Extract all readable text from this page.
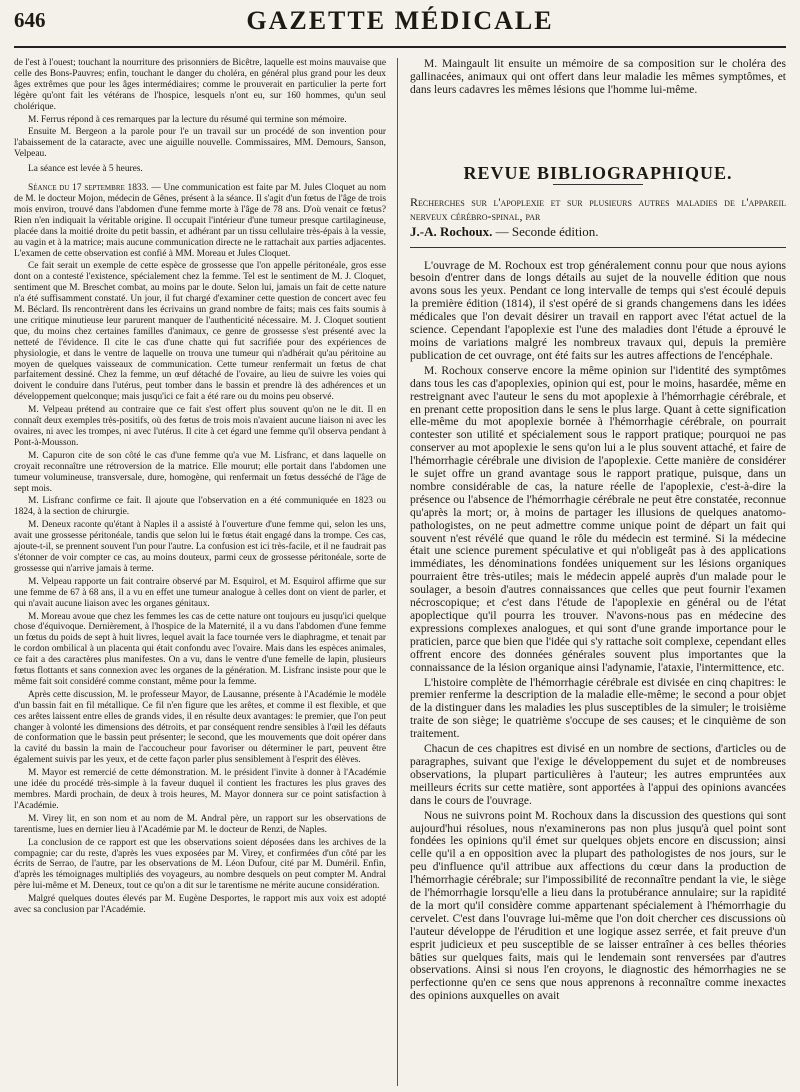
646	GAZETTE MÉDICALE

de l'est à l'ouest; touchant la nourriture des prisonniers de Bicêtre, laquelle est moins mauvaise que celle des Bons-Pauvres; enfin, touchant le danger du choléra, en général plus grand pour les deux âges extrêmes que pour les âges intermédiaires; comme le prouverait en particulier la perte fort légère qu'ont fait les vétérans de l'hospice, lesquels n'ont eu, sur 160 hommes, qu'un seul cholérique.

M. Ferrus répond à ces remarques par la lecture du résumé qui termine son mémoire.

Ensuite M. Bergeon a la parole pour l'e un travail sur un procédé de son invention pour l'abaissement de la cataracte, avec une aiguille nouvelle. Commissaires, MM. Demours, Sanson, Velpeau.

La séance est levée à 5 heures.

Séance du 17 septembre 1833. — Une communication est faite par M. Jules Cloquet au nom de M. le docteur Mojon, médecin de Gênes, présent à la séance. Il s'agit d'un fœtus de l'âge de trois mois environ, trouvé dans l'abdomen d'une femme morte à l'âge de 78 ans. D'où venait ce fœtus? Rien n'en indiquait la véritable origine. Il occupait l'intérieur d'une tumeur presque cartilagineuse, placée dans la moitié droite du petit bassin, et adhérant par un tissu cellulaire très-épais à la vessie, au vagin et à la matrice; mais aucune communication directe ne le rattachait aux parties adjacentes. L'examen de cette observation est confié à MM. Moreau et Jules Cloquet.

Ce fait serait un exemple de cette espèce de grossesse que l'on appelle péritonéale, gros esse dont on a contesté l'existence, spécialement chez la femme. Tel est le sentiment de M. J. Cloquet, sentiment que M. Breschet combat, au moins par le doute. Selon lui, jamais un fait de cette nature n'a été suffisamment constaté. Un jour, il fut chargé d'examiner cette question de concert avec feu M. Béclard. Ils rencontrèrent dans les écrivains un grand nombre de faits; mais ces faits soumis à une critique minutieuse leur parurent manquer de l'authenticité nécessaire. M. J. Cloquet soutient que, du moins chez certaines familles d'animaux, ce genre de grossesse s'est présenté avec la netteté de l'évidence. Il cite le cas d'une chatte qui fut sacrifiée pour des expériences de physiologie, et dans le ventre de laquelle on trouva une tumeur qui n'adhérait qu'au péritoine au moyen de quelques vaisseaux de communication. Cette tumeur renfermait un fœtus de chat parfaitement dessiné. Chez la femme, un œuf détaché de l'ovaire, au lieu de suivre les voies qui doivent le conduire dans l'utérus, peut tomber dans le bassin et prendre là des adhérences et un développement quelconque; mais jusqu'ici ce fait a été rare ou du moins peu observé.

M. Velpeau prétend au contraire que ce fait s'est offert plus souvent qu'on ne le dit. Il en connaît deux exemples très-positifs, où des fœtus de trois mois n'avaient aucune liaison ni avec les ovaires, ni avec les trompes, ni avec l'utérus. Il cite à cet égard une femme qu'il observa pendant à Pont-à-Mousson.

M. Capuron cite de son côté le cas d'une femme qu'a vue M. Lisfranc, et dans laquelle on croyait reconnaître une rétroversion de la matrice. Elle mourut; elle portait dans l'abdomen une tumeur volumineuse, transversale, dure, homogène, qui renfermait un fœtus desséché de l'âge de sept mois.

M. Lisfranc confirme ce fait. Il ajoute que l'observation en a été communiquée en 1823 ou 1824, à la section de chirurgie.

M. Deneux raconte qu'étant à Naples il a assisté à l'ouverture d'une femme qui, selon les uns, avait une grossesse péritonéale, tandis que selon lui le fœtus était engagé dans la trompe. Ces cas, ajoute-t-il, se prennent souvent l'un pour l'autre. La confusion est ici très-facile, et il ne faudrait pas s'étonner de voir compter ce cas, au moins douteux, parmi ceux de grossesse péritonéale, sorte de grossesse qui n'arrive jamais à terme.

M. Velpeau rapporte un fait contraire observé par M. Esquirol, et M. Esquirol affirme que sur une femme de 67 à 68 ans, il a vu en effet une tumeur analogue à celles dont on vient de parler, et qui n'avait aucune liaison avec les organes génitaux.

M. Moreau avoue que chez les femmes les cas de cette nature ont toujours eu jusqu'ici quelque chose d'équivoque. Dernièrement, à l'hospice de la Maternité, il a vu dans l'abdomen d'une femme un fœtus du poids de sept à huit livres, lequel avait la face tournée vers le diaphragme, et tenait par le cordon ombilical à un placenta qui était confondu avec l'ovaire. Mais dans les espèces animales, ce fait a des caractères plus manifestes. On a vu, dans le ventre d'une femelle de lapin, plusieurs fœtus flottants et sans connexion avec les organes de la génération. M. Lisfranc insiste pour que le même fait soit considéré comme constant, même pour la femme.

Après cette discussion, M. le professeur Mayor, de Lausanne, présente à l'Académie le modèle d'un bassin fait en fil métallique. Ce fil n'en figure que les arêtes, et comme il est flexible, et que ces arêtes laissent entre elles de grands vides, il en résulte deux avantages: le premier, que l'on peut changer à volonté les dimensions des détroits, et par conséquent rendre sensibles à l'œil les défauts de conformation que le bassin peut présenter; le second, que les mouvements que doit opérer dans la cavité du bassin la main de l'accoucheur pour favoriser ou déterminer le part, peuvent être également suivis par les yeux, et de cette façon parler plus sensiblement à l'esprit des élèves.

M. Mayor est remercié de cette démonstration. M. le président l'invite à donner à l'Académie une idée du procédé très-simple à la faveur duquel il contient les fractures les plus graves des membres. Mardi prochain, de deux à trois heures, M. Mayor donnera sur ce point satisfaction à l'Académie.

M. Virey lit, en son nom et au nom de M. Andral père, un rapport sur les observations de tarentisme, lues en dernier lieu à l'Académie par M. le docteur de Renzi, de Naples.

La conclusion de ce rapport est que les observations soient déposées dans les archives de la compagnie; car du reste, d'après les vues exposées par M. Virey, et confirmées d'un côté par les écrits de Serrao, de l'autre, par les observations de M. Léon Dufour, cité par M. Duméril. Enfin, d'après les témoignages multipliés des voyageurs, au nombre desquels on peut compter M. Andral père lui-même et M. Deneux, tout ce qu'on a dit sur le tarentisme ne mérite aucune considération.

Malgré quelques doutes élevés par M. Eugène Desportes, le rapport mis aux voix est adopté avec sa conclusion par l'Académie.

M. Maingault lit ensuite un mémoire de sa composition sur le choléra des gallinacées, animaux qui ont offert dans leur maladie les mêmes symptômes, et dans leurs cadavres les mêmes lésions que l'homme lui-même.

REVUE BIBLIOGRAPHIQUE.

Recherches sur l'apoplexie et sur plusieurs autres maladies de l'appareil nerveux cérébro-spinal, par

J.-A. Rochoux. — Seconde édition.

L'ouvrage de M. Rochoux est trop généralement connu pour que nous ayions besoin d'entrer dans de longs détails au sujet de la nouvelle édition que nous avons sous les yeux. Pendant ce long intervalle de temps qui s'est écoulé depuis la première édition (1814), il s'est opéré de si grands changemens dans les idées médicales que l'on devait désirer un travail en rapport avec l'état actuel de la science. Cependant l'apoplexie est l'une des maladies dont l'étude a éprouvé le moins de variations malgré les nombreux travaux qui, depuis la première publication de cet ouvrage, ont été faits sur les autres affections de l'encéphale.

M. Rochoux conserve encore la même opinion sur l'identité des symptômes dans tous les cas d'apoplexies, opinion qui est, pour le moins, hasardée, même en restreignant avec l'auteur le sens du mot apoplexie à l'hémorrhagie cérébrale, et en prenant cette proposition dans le sens le plus large. Quant à cette signification elle-même du mot apoplexie bornée à l'hémorrhagie cérébrale, on pourrait contester son utilité et spécialement sous le rapport pratique; pourquoi ne pas conserver au mot apoplexie le sens qu'on lui a le plus souvent attaché, et faire de l'hémorrhagie cérébrale une division de l'apoplexie. Cette manière de considérer le sujet offre un grand avantage sous le rapport pratique, puisque, dans un nombre considérable de cas, la nature réelle de l'apoplexie, c'est-à-dire la présence ou l'absence de l'hémorrhagie cérébrale ne peut être constatée, reconnue qu'après la mort; or, à moins de partager les illusions de quelques anatomo-pathologistes, on ne peut admettre comme unique point de départ un fait qui souvent n'est révélé que quand le rôle du médecin est terminé. Si la médecine était une science purement spéculative et qui n'obligeât pas à des applications immédiates, les dénominations fondées uniquement sur les lésions organiques pourraient être très-utiles; mais le médecin appelé auprès d'un malade pour le soulager, a besoin d'autres connaissances que celles que peut fournir l'examen nécroscopique; et c'est dans l'étude de l'apoplexie en général ou de l'état apoplectique qu'il pourra les trouver. N'avons-nous pas en médecine des expressions complexes analogues, et qui sont d'une grande importance pour le praticien, parce que bien que l'idée qui s'y rattache soit complexe, cependant elles offrent encore des données générales souvent plus importantes que la connaissance de la lésion organique ainsi l'adynamie, l'ataxie, l'intermittence, etc.

L'histoire complète de l'hémorrhagie cérébrale est divisée en cinq chapitres: le premier renferme la description de la maladie elle-même; le second a pour objet de la distinguer dans les maladies les plus susceptibles de la simuler; le troisième traite de son siège; le quatrième s'occupe de ses causes; et le cinquième de son traitement.

Chacun de ces chapitres est divisé en un nombre de sections, d'articles ou de paragraphes, suivant que l'exige le développement du sujet et de nombreuses observations, la plupart particulières à l'auteur; les autres empruntées aux meilleurs écrits sur cette matière, sont apportées à l'appui des opinions avancées dans le cours de l'ouvrage.

Nous ne suivrons point M. Rochoux dans la discussion des questions qui sont aujourd'hui résolues, nous n'examinerons pas non plus jusqu'à quel point sont fondées les opinions qu'il émet sur quelques objets encore en discussion; ainsi celle qu'il a en opposition avec la plupart des pathologistes de nos jours, sur le peu d'influence qu'il attribue aux affections du cœur dans la production de l'hémorrhagie cérébrale; sur l'impossibilité de reconnaître pendant la vie, le siège de l'hémorrhagie lorsqu'elle a lieu dans la protubérance annulaire; sur la rapidité de la mort qu'il considère comme appartenant spécialement à l'hémorrhagie du cervelet. C'est dans l'ouvrage lui-même que l'on doit chercher ces discussions où l'auteur développe de l'érudition et une logique assez serrée, et fait preuve d'un esprit judicieux et peu susceptible de se laisser entraîner à ces belles théories bâties sur quelques faits, mais qui le lendemain sont renversées par d'autres observations. Ainsi si nous l'en croyons, le diagnostic des hémorrhagies ne se perfectionne qu'en ce sens que nous apprenons à reconnaître comme inexactes des opinions auxquelles on avait
